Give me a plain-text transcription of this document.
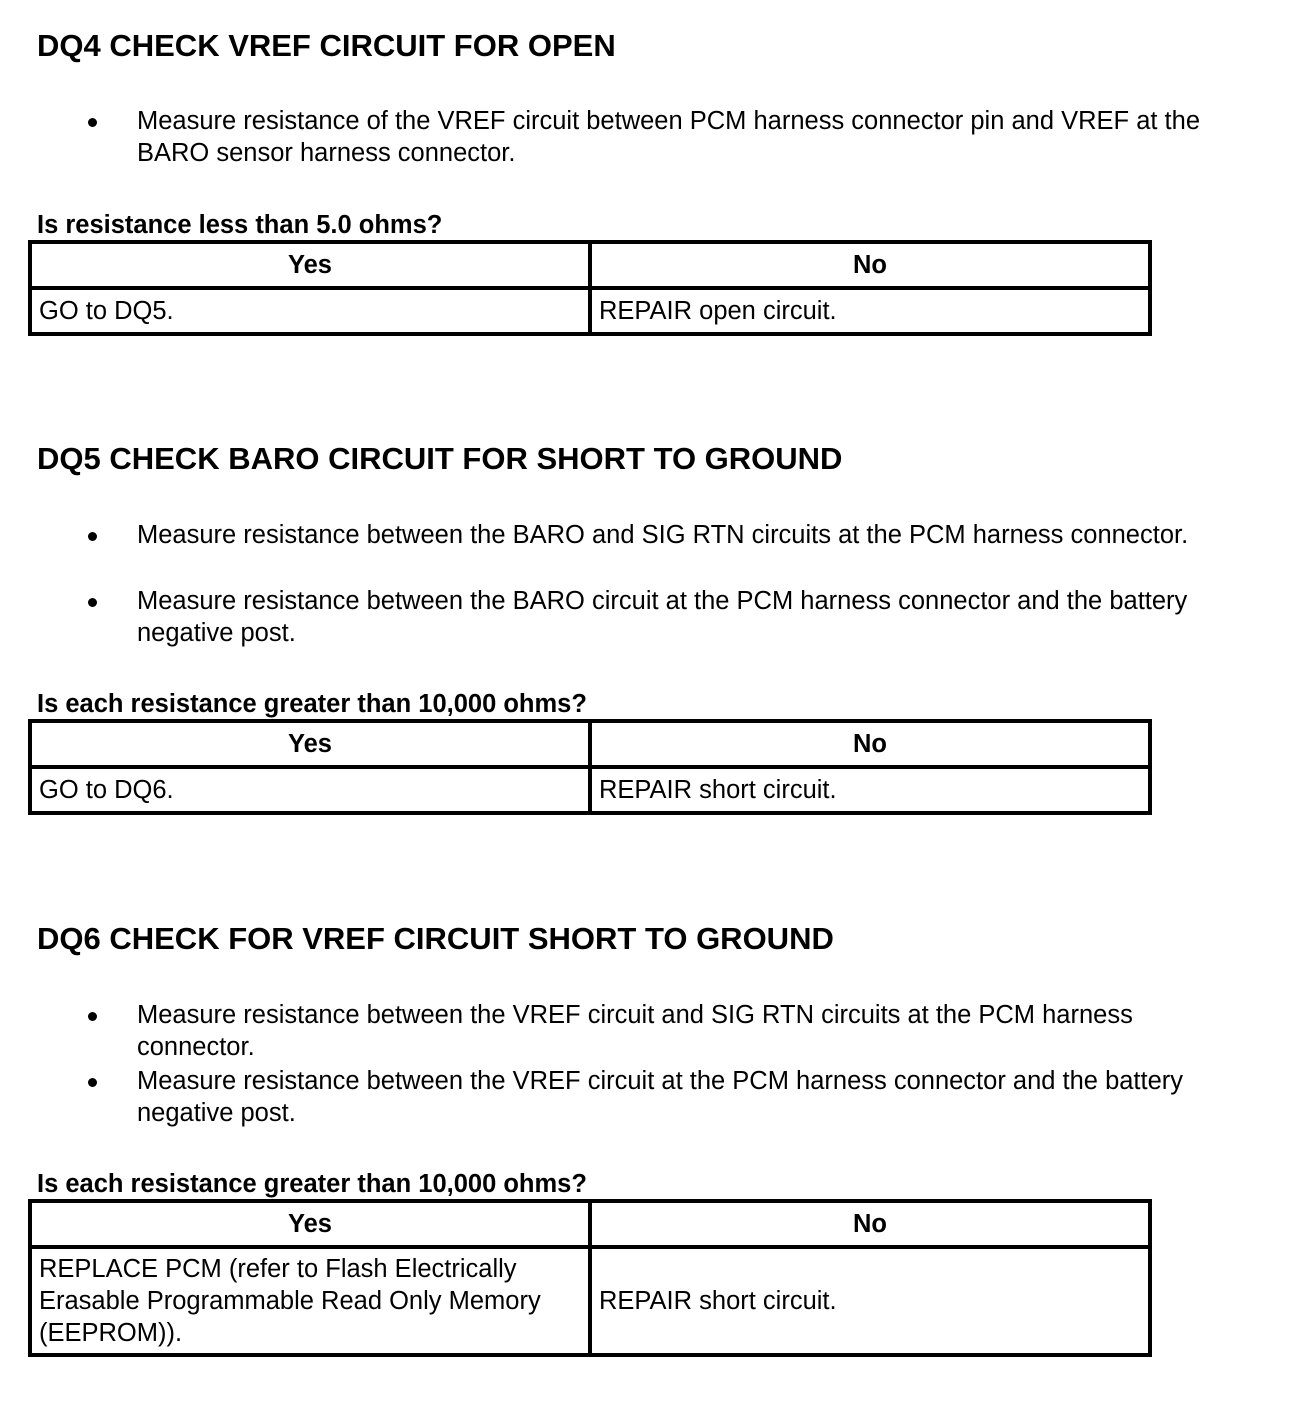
DQ4 CHECK VREF CIRCUIT FOR OPEN
Measure resistance of the VREF circuit between PCM harness connector pin and VREF at the BARO sensor harness connector.

Is resistance less than 5.0 ohms?

Yes	No
GO to DQ5.	REPAIR open circuit.
DQ5 CHECK BARO CIRCUIT FOR SHORT TO GROUND
Measure resistance between the BARO and SIG RTN circuits at the PCM harness connector.
Measure resistance between the BARO circuit at the PCM harness connector and the battery negative post.

Is each resistance greater than 10,000 ohms?

Yes	No
GO to DQ6.	REPAIR short circuit.
DQ6 CHECK FOR VREF CIRCUIT SHORT TO GROUND
Measure resistance between the VREF circuit and SIG RTN circuits at the PCM harness connector.
Measure resistance between the VREF circuit at the PCM harness connector and the battery negative post.

Is each resistance greater than 10,000 ohms?

Yes	No
REPLACE PCM (refer to Flash Electrically Erasable Programmable Read Only Memory (EEPROM)).	REPAIR short circuit.
